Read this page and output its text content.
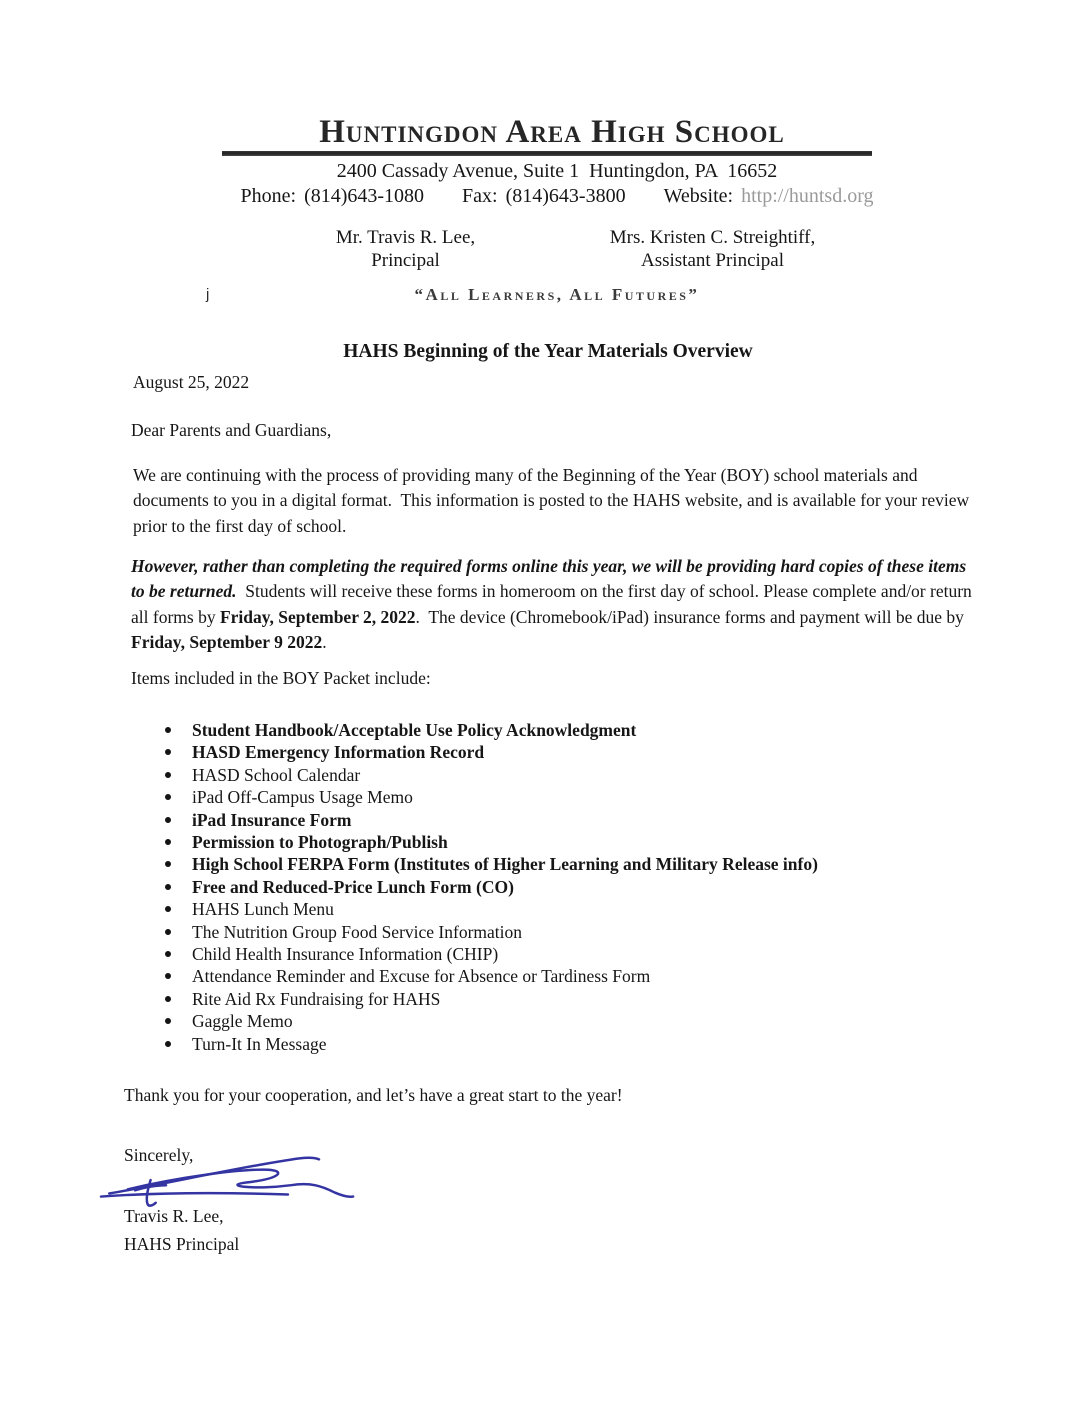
Huntingdon Area High School
2400 Cassady Avenue, Suite 1  Huntingdon, PA  16652
Phone: (814)643-1080 Fax: (814)643-3800 Website: http://huntsd.org
Mr. Travis R. Lee,
Principal
Mrs. Kristen C. Streightiff,
Assistant Principal
j	“All Learners, All Futures”
HAHS Beginning of the Year Materials Overview
August 25, 2022
Dear Parents and Guardians,

We are continuing with the process of providing many of the Beginning of the Year (BOY) school materials and documents to you in a digital format.  This information is posted to the HAHS website, and is available for your review prior to the first day of school.

However, rather than completing the required forms online this year, we will be providing hard copies of these items to be returned.  Students will receive these forms in homeroom on the first day of school. Please complete and/or return all forms by Friday, September 2, 2022.  The device (Chromebook/iPad) insurance forms and payment will be due by Friday, September 9 2022.

Items included in the BOY Packet include:
Student Handbook/Acceptable Use Policy Acknowledgment
HASD Emergency Information Record
HASD School Calendar
iPad Off-Campus Usage Memo
iPad Insurance Form
Permission to Photograph/Publish
High School FERPA Form (Institutes of Higher Learning and Military Release info)
Free and Reduced-Price Lunch Form (CO)
HAHS Lunch Menu
The Nutrition Group Food Service Information
Child Health Insurance Information (CHIP)
Attendance Reminder and Excuse for Absence or Tardiness Form
Rite Aid Rx Fundraising for HAHS
Gaggle Memo
Turn-It In Message
Thank you for your cooperation, and let’s have a great start to the year!
Sincerely,
Travis R. Lee,
HAHS Principal
